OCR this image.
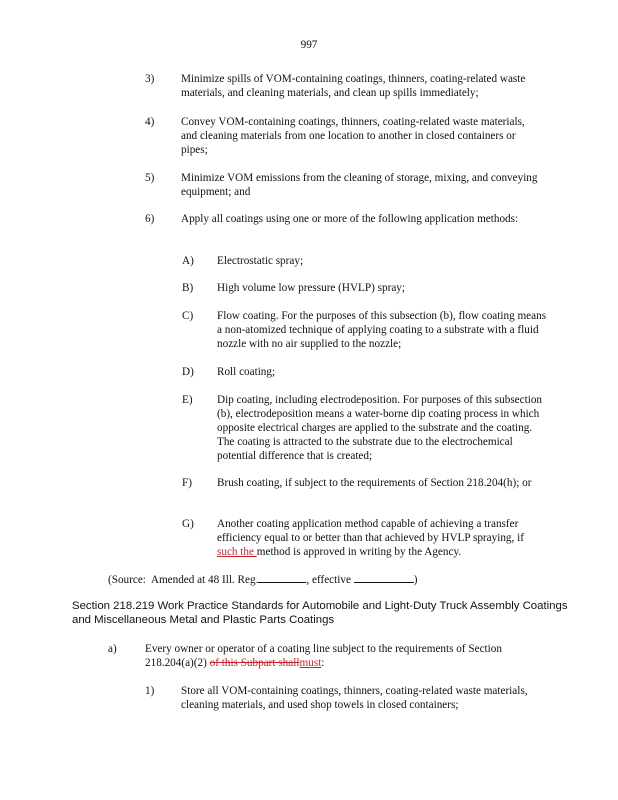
997
3) Minimize spills of VOM-containing coatings, thinners, coating-related waste materials, and cleaning materials, and clean up spills immediately;
4) Convey VOM-containing coatings, thinners, coating-related waste materials, and cleaning materials from one location to another in closed containers or pipes;
5) Minimize VOM emissions from the cleaning of storage, mixing, and conveying equipment; and
6) Apply all coatings using one or more of the following application methods:
A) Electrostatic spray;
B) High volume low pressure (HVLP) spray;
C) Flow coating. For the purposes of this subsection (b), flow coating means a non-atomized technique of applying coating to a substrate with a fluid nozzle with no air supplied to the nozzle;
D) Roll coating;
E) Dip coating, including electrodeposition. For purposes of this subsection (b), electrodeposition means a water-borne dip coating process in which opposite electrical charges are applied to the substrate and the coating. The coating is attracted to the substrate due to the electrochemical potential difference that is created;
F) Brush coating, if subject to the requirements of Section 218.204(h); or
G) Another coating application method capable of achieving a transfer efficiency equal to or better than that achieved by HVLP spraying, if such the method is approved in writing by the Agency.
(Source:  Amended at 48 Ill. Reg.	, effective	)
Section 218.219 Work Practice Standards for Automobile and Light-Duty Truck Assembly Coatings and Miscellaneous Metal and Plastic Parts Coatings
a)	Every owner or operator of a coating line subject to the requirements of Section 218.204(a)(2) of this Subpart shallmust:
1) Store all VOM-containing coatings, thinners, coating-related waste materials, cleaning materials, and used shop towels in closed containers;
